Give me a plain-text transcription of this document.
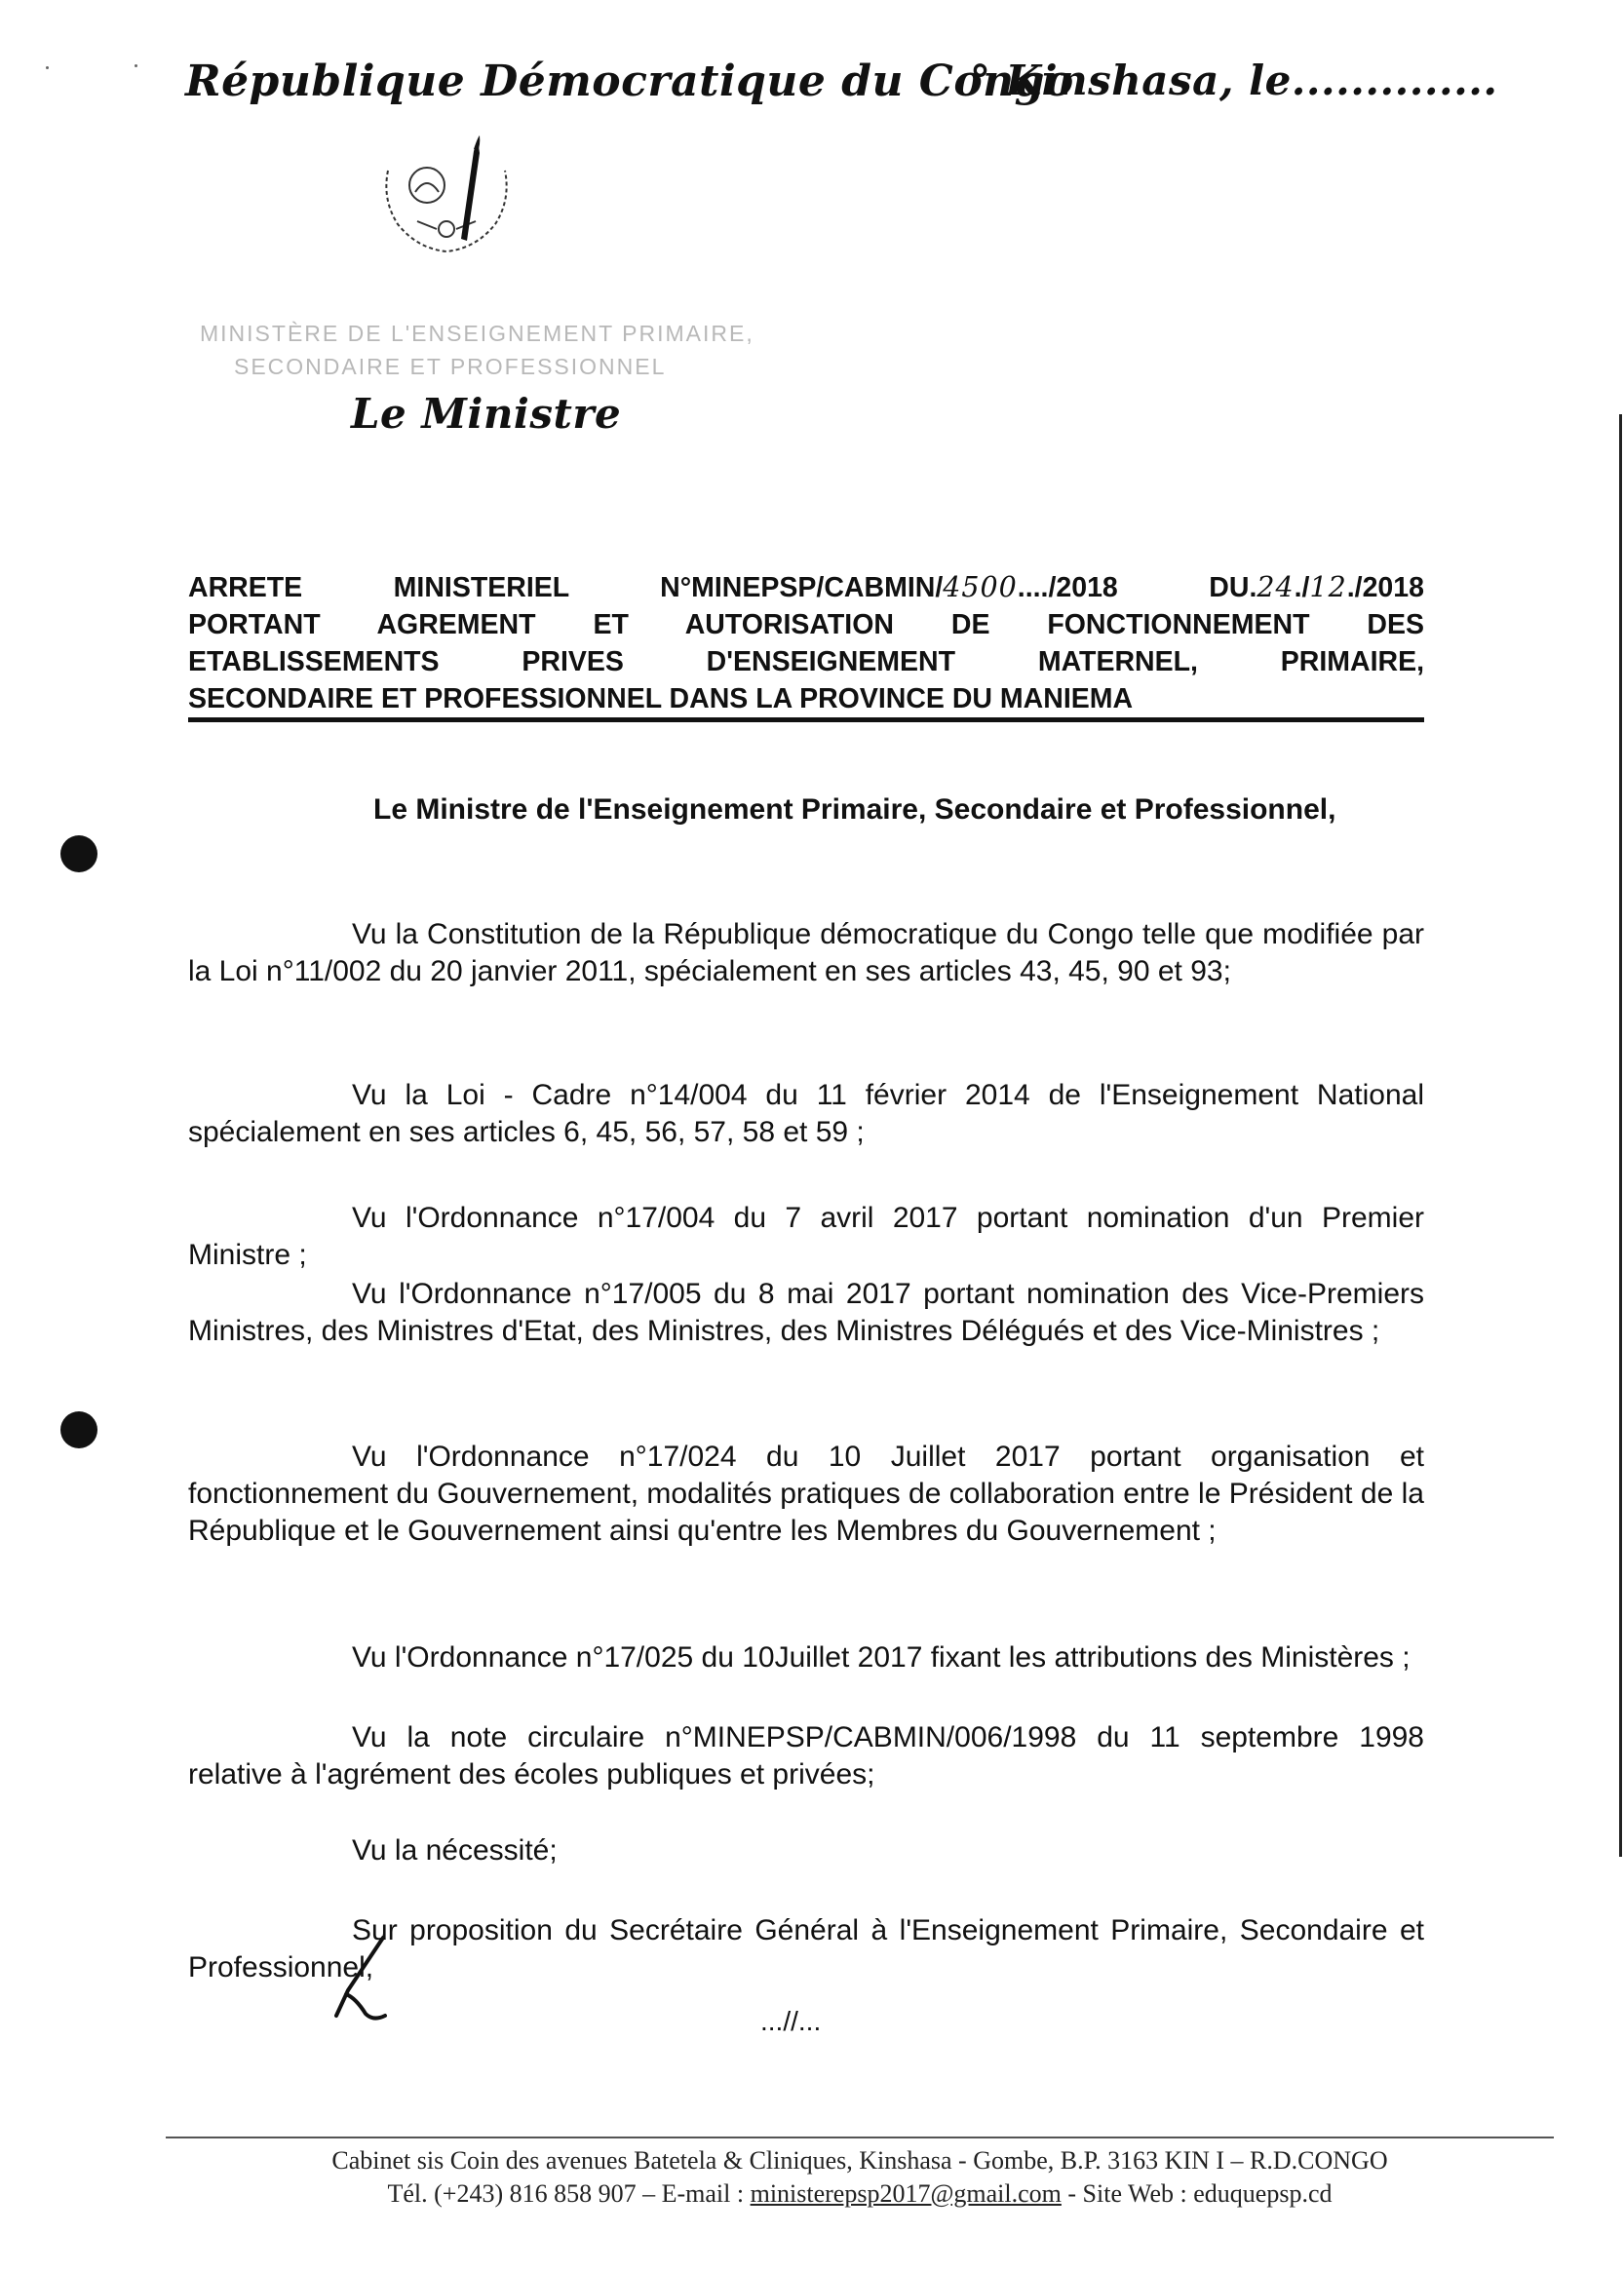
République Démocratique du Congo
° Kinshasa, le..............
MINISTÈRE DE L'ENSEIGNEMENT PRIMAIRE,
SECONDAIRE ET PROFESSIONNEL
Le Ministre
ARRETE MINISTERIEL N°MINEPSP/CABMIN/4500..../2018 DU.24./12./2018
PORTANT AGREMENT ET AUTORISATION DE FONCTIONNEMENT DES
ETABLISSEMENTS PRIVES D'ENSEIGNEMENT MATERNEL, PRIMAIRE,
SECONDAIRE ET PROFESSIONNEL DANS LA PROVINCE DU MANIEMA
Le Ministre de l'Enseignement Primaire, Secondaire et Professionnel,
Vu la Constitution de la République démocratique du Congo telle que modifiée par la Loi n°11/002 du 20 janvier 2011, spécialement en ses articles 43, 45, 90 et 93;
Vu la Loi - Cadre n°14/004 du 11 février 2014 de l'Enseignement National spécialement en ses articles 6, 45, 56, 57, 58 et 59 ;
Vu l'Ordonnance n°17/004 du 7 avril 2017 portant nomination d'un Premier Ministre ;
Vu l'Ordonnance n°17/005 du 8 mai 2017 portant nomination des Vice-Premiers Ministres, des Ministres d'Etat, des Ministres, des Ministres Délégués et des Vice-Ministres ;
Vu l'Ordonnance n°17/024 du 10 Juillet 2017 portant organisation et fonctionnement du Gouvernement, modalités pratiques de collaboration entre le Président de la République et le Gouvernement ainsi qu'entre les Membres du Gouvernement ;
Vu l'Ordonnance n°17/025 du 10Juillet 2017 fixant les attributions des Ministères ;
Vu la note circulaire n°MINEPSP/CABMIN/006/1998 du 11 septembre 1998 relative à l'agrément des écoles publiques et privées;
Vu la nécessité;
Sur proposition du Secrétaire Général à l'Enseignement Primaire, Secondaire et Professionnel,
...//...
Cabinet sis Coin des avenues Batetela & Cliniques, Kinshasa - Gombe, B.P. 3163 KIN I – R.D.CONGO
Tél. (+243) 816 858 907 – E-mail : ministerepsp2017@gmail.com - Site Web : eduquepsp.cd
